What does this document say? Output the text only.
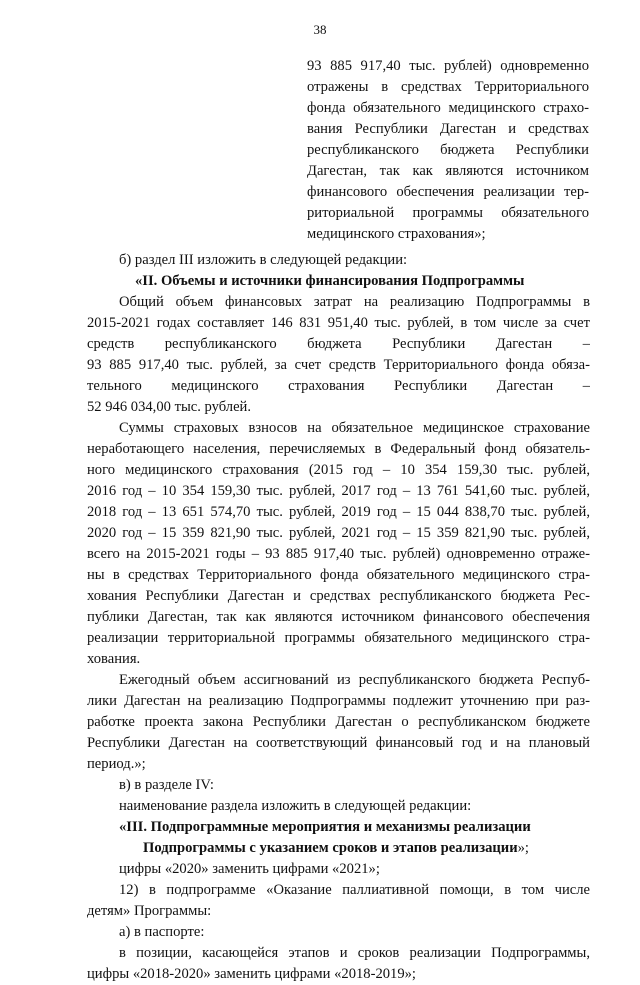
38
93 885 917,40 тыс. рублей) одновременно
отражены в средствах Территориального
фонда обязательного медицинского страхо-
вания Республики Дагестан и средствах
республиканского бюджета Республики
Дагестан, так как являются источником
финансового обеспечения реализации тер-
риториальной программы обязательного
медицинского страхования»;
б) раздел III изложить в следующей редакции:
«II. Объемы и источники финансирования Подпрограммы
Общий объем финансовых затрат на реализацию Подпрограммы в
2015-2021 годах составляет 146 831 951,40 тыс. рублей, в том числе за счет
средств республиканского бюджета Республики Дагестан –
93 885 917,40 тыс. рублей, за счет средств Территориального фонда обяза-
тельного медицинского страхования Республики Дагестан –
52 946 034,00 тыс. рублей.
Суммы страховых взносов на обязательное медицинское страхование
неработающего населения, перечисляемых в Федеральный фонд обязатель-
ного медицинского страхования (2015 год – 10 354 159,30 тыс. рублей,
2016 год – 10 354 159,30 тыс. рублей, 2017 год – 13 761 541,60 тыс. рублей,
2018 год – 13 651 574,70 тыс. рублей, 2019 год – 15 044 838,70 тыс. рублей,
2020 год – 15 359 821,90 тыс. рублей, 2021 год – 15 359 821,90 тыс. рублей,
всего на 2015-2021 годы – 93 885 917,40 тыс. рублей) одновременно отраже-
ны в средствах Территориального фонда обязательного медицинского стра-
хования Республики Дагестан и средствах республиканского бюджета Рес-
публики Дагестан, так как являются источником финансового обеспечения
реализации территориальной программы обязательного медицинского стра-
хования.
Ежегодный объем ассигнований из республиканского бюджета Респуб-
лики Дагестан на реализацию Подпрограммы подлежит уточнению при раз-
работке проекта закона Республики Дагестан о республиканском бюджете
Республики Дагестан на соответствующий финансовый год и на плановый
период.»;
в) в разделе IV:
наименование раздела изложить в следующей редакции:
«III. Подпрограммные мероприятия и механизмы реализации
Подпрограммы с указанием сроков и этапов реализации»;
цифры «2020» заменить цифрами «2021»;
12) в подпрограмме «Оказание паллиативной помощи, в том числе
детям» Программы:
а) в паспорте:
в позиции, касающейся этапов и сроков реализации Подпрограммы,
цифры «2018-2020» заменить цифрами «2018-2019»;
